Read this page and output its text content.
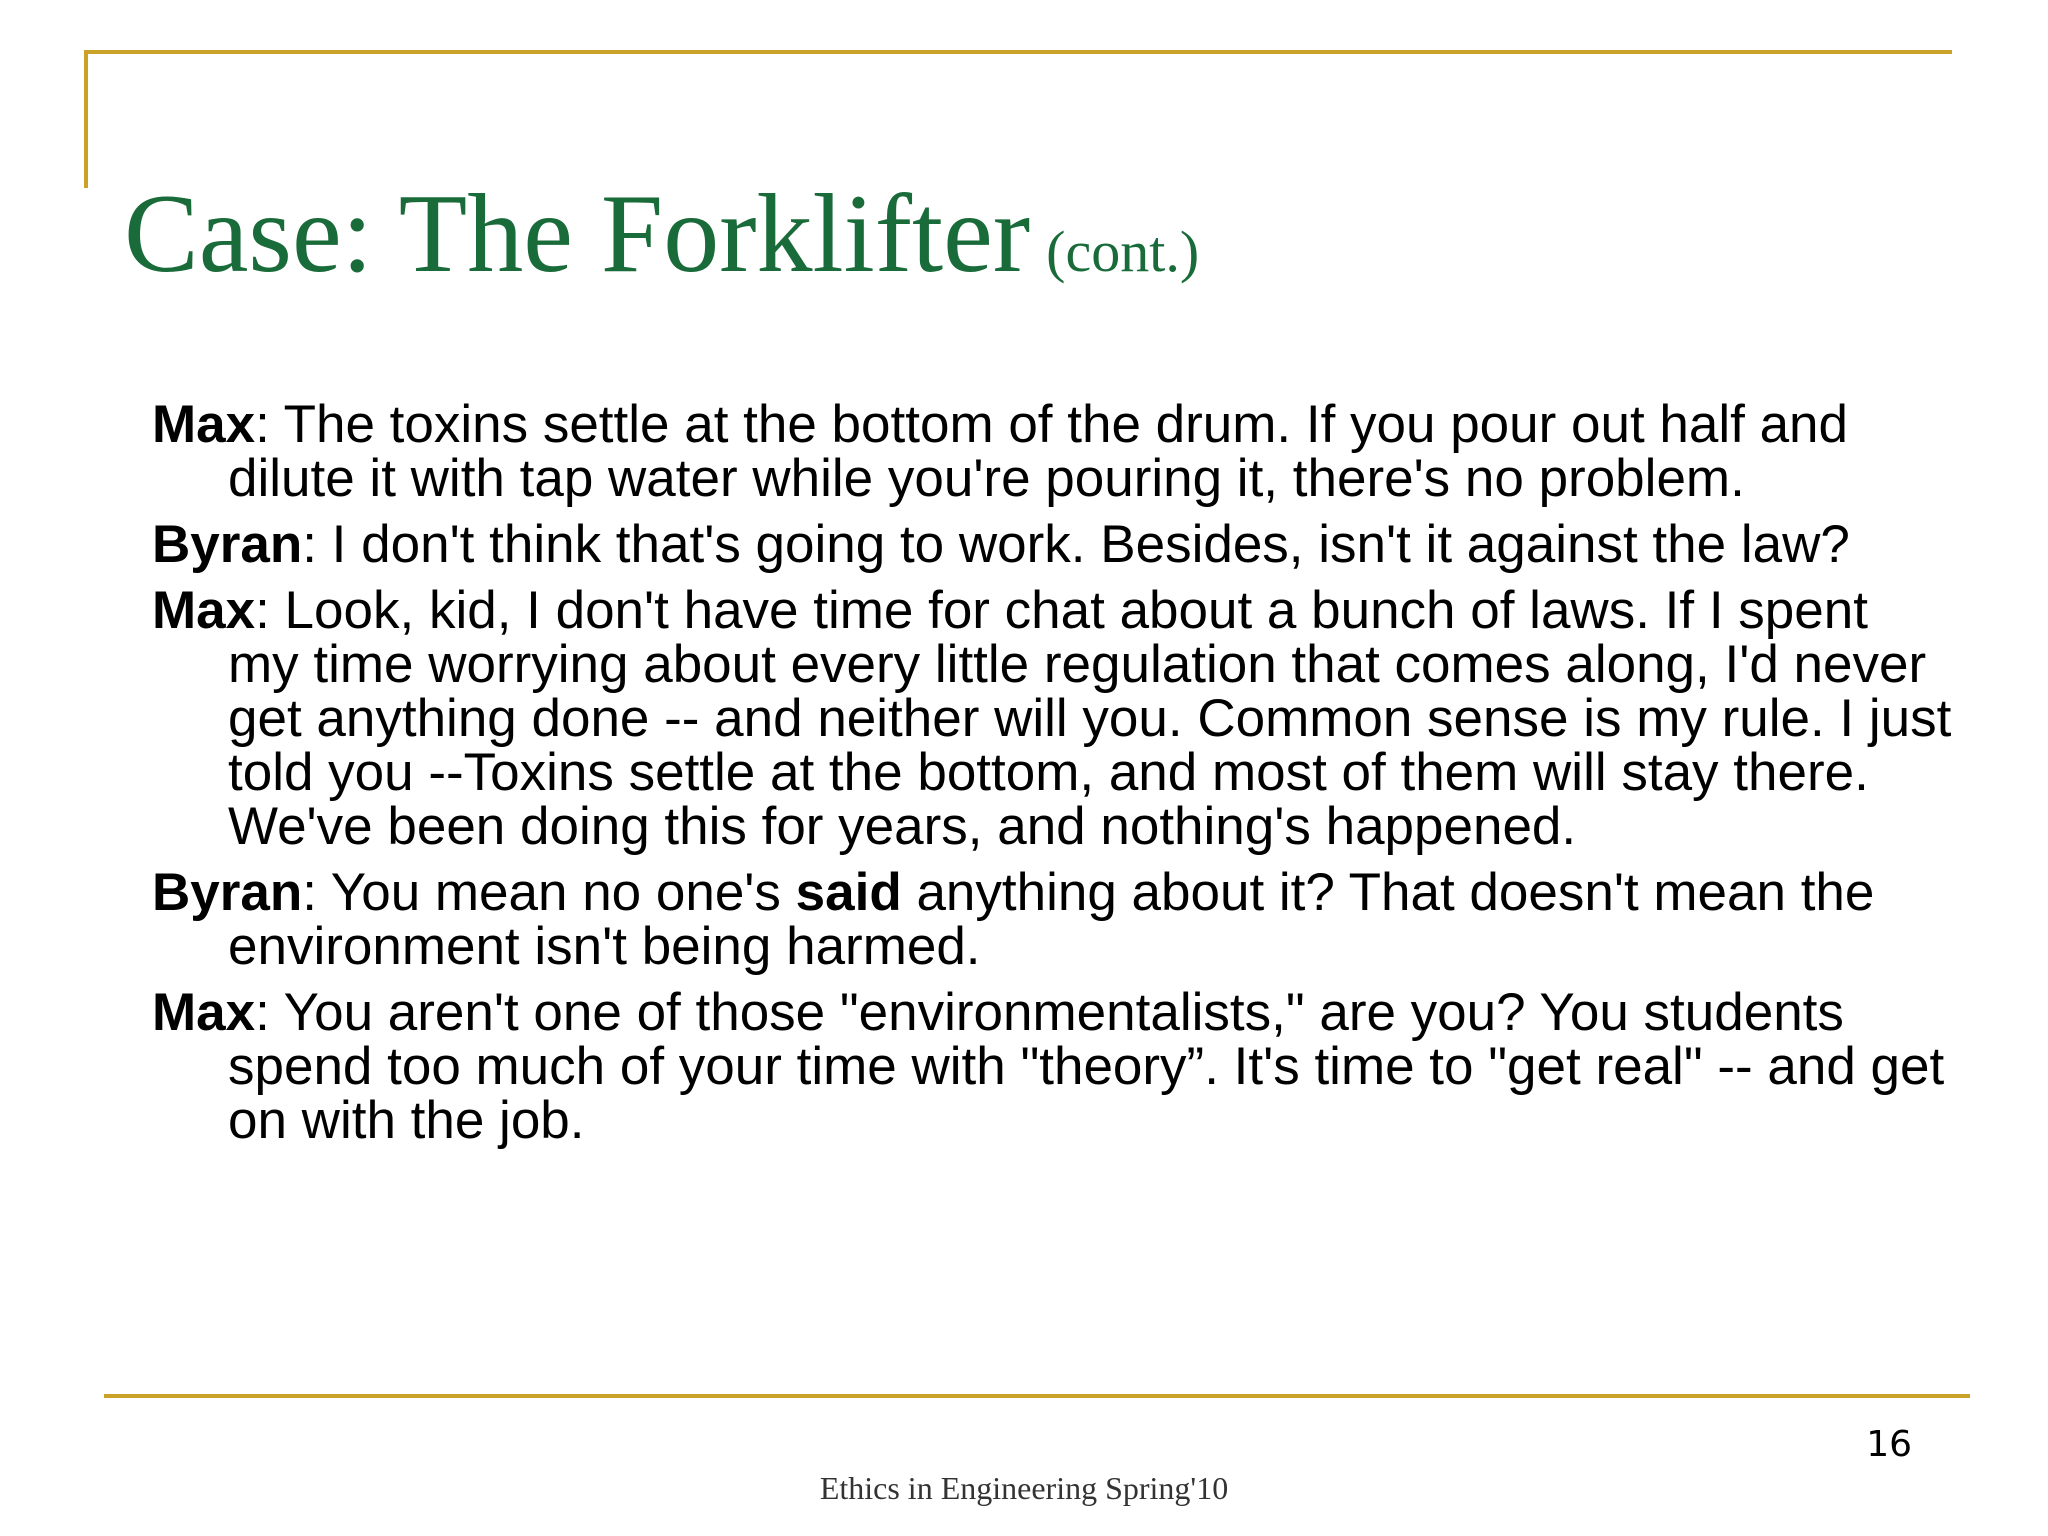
Case: The Forklifter (cont.)
Max: The toxins settle at the bottom of the drum. If you pour out half and dilute it with tap water while you're pouring it, there's no problem.
Byran: I don't think that's going to work. Besides, isn't it against the law?
Max: Look, kid, I don't have time for chat about a bunch of laws. If I spent my time worrying about every little regulation that comes along, I'd never get anything done -- and neither will you. Common sense is my rule. I just told you --Toxins settle at the bottom, and most of them will stay there. We've been doing this for years, and nothing's happened.
Byran: You mean no one's said anything about it? That doesn't mean the environment isn't being harmed.
Max: You aren't one of those "environmentalists," are you? You students spend too much of your time with "theory”. It's time to "get real" -- and get on with the job.
16
Ethics in Engineering Spring'10
